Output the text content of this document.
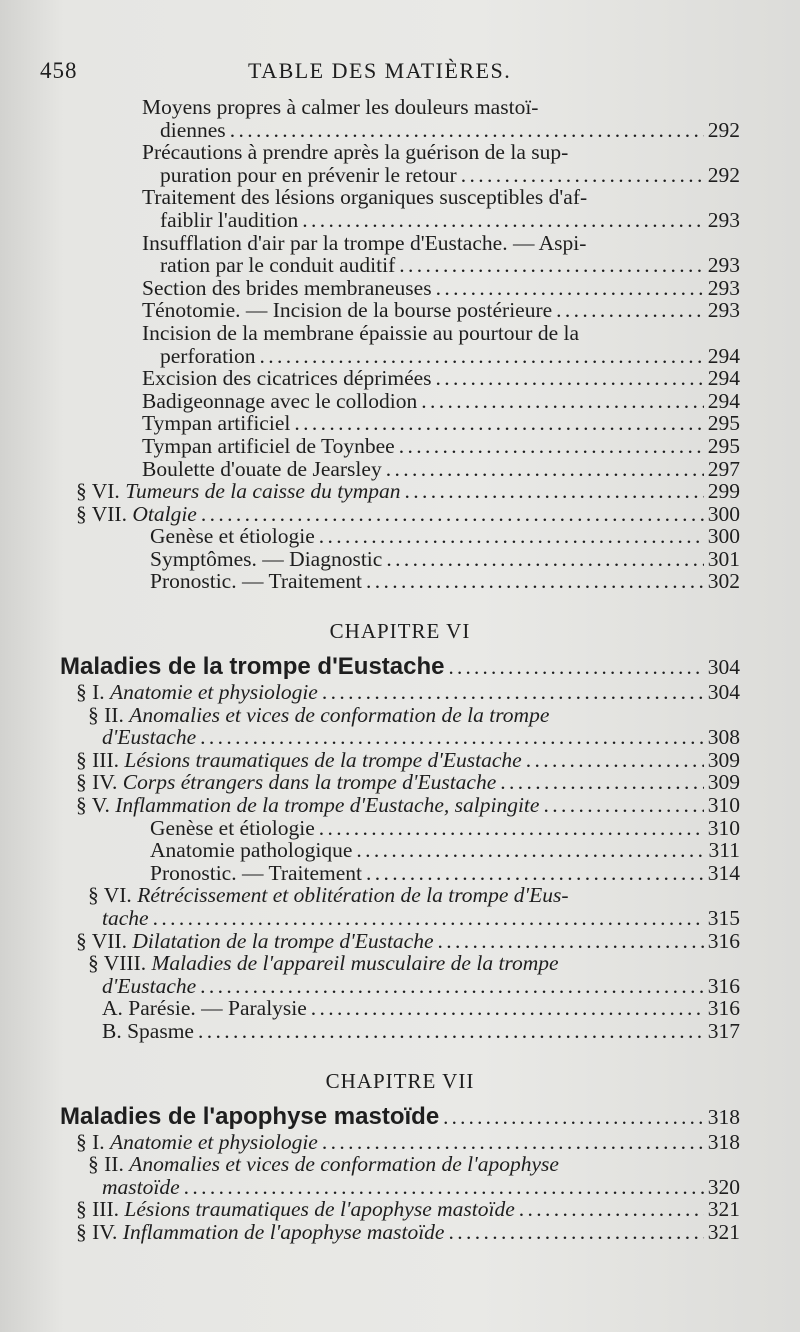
458	TABLE DES MATIÈRES.

Moyens propres à calmer les douleurs mastoï-

diennes . . .	292

Précautions à prendre après la guérison de la sup-

puration pour en prévenir le retour . . .	292

Traitement des lésions organiques susceptibles d'af-

faiblir l'audition . . .	293

Insufflation d'air par la trompe d'Eustache. — Aspi-

ration par le conduit auditif . . .	293

Section des brides membraneuses . . .	293

Ténotomie. — Incision de la bourse postérieure . . .	293

Incision de la membrane épaissie au pourtour de la

perforation . . .	294

Excision des cicatrices déprimées . . .	294

Badigeonnage avec le collodion . . .	294

Tympan artificiel . . .	295

Tympan artificiel de Toynbee . . .	295

Boulette d'ouate de Jearsley . . .	297

§ VI.
Tumeurs de la caisse du tympan . . .	299

§ VII.
Otalgie . . .	300

Genèse et étiologie . . .	300

Symptômes. — Diagnostic . . .	301

Pronostic. — Traitement . . .	302

CHAPITRE VI

Maladies de la trompe d'Eustache . . .	304

§ I.
Anatomie et physiologie . . .	304

§ II. Anomalies et vices de conformation de la trompe

d'Eustache . . .	308

§ III.
Lésions traumatiques de la trompe d'Eustache . . .	309

§ IV.
Corps étrangers dans la trompe d'Eustache . . .	309

§ V.
Inflammation de la trompe d'Eustache, salpingite . . .	310

Genèse et étiologie . . .	310

Anatomie pathologique . . .	311

Pronostic. — Traitement . . .	314

§ VI. Rétrécissement et oblitération de la trompe d'Eus-

tache . . .	315

§ VII.
Dilatation de la trompe d'Eustache . . .	316

§ VIII. Maladies de l'appareil musculaire de la trompe

d'Eustache . . .	316

A. Parésie. — Paralysie . . .	316

B. Spasme . . .	317

CHAPITRE VII

Maladies de l'apophyse mastoïde . . .	318

§ I.
Anatomie et physiologie . . .	318

§ II. Anomalies et vices de conformation de l'apophyse

mastoïde . . .	320

§ III.
Lésions traumatiques de l'apophyse mastoïde . . .	321

§ IV.
Inflammation de l'apophyse mastoïde . . .	321
